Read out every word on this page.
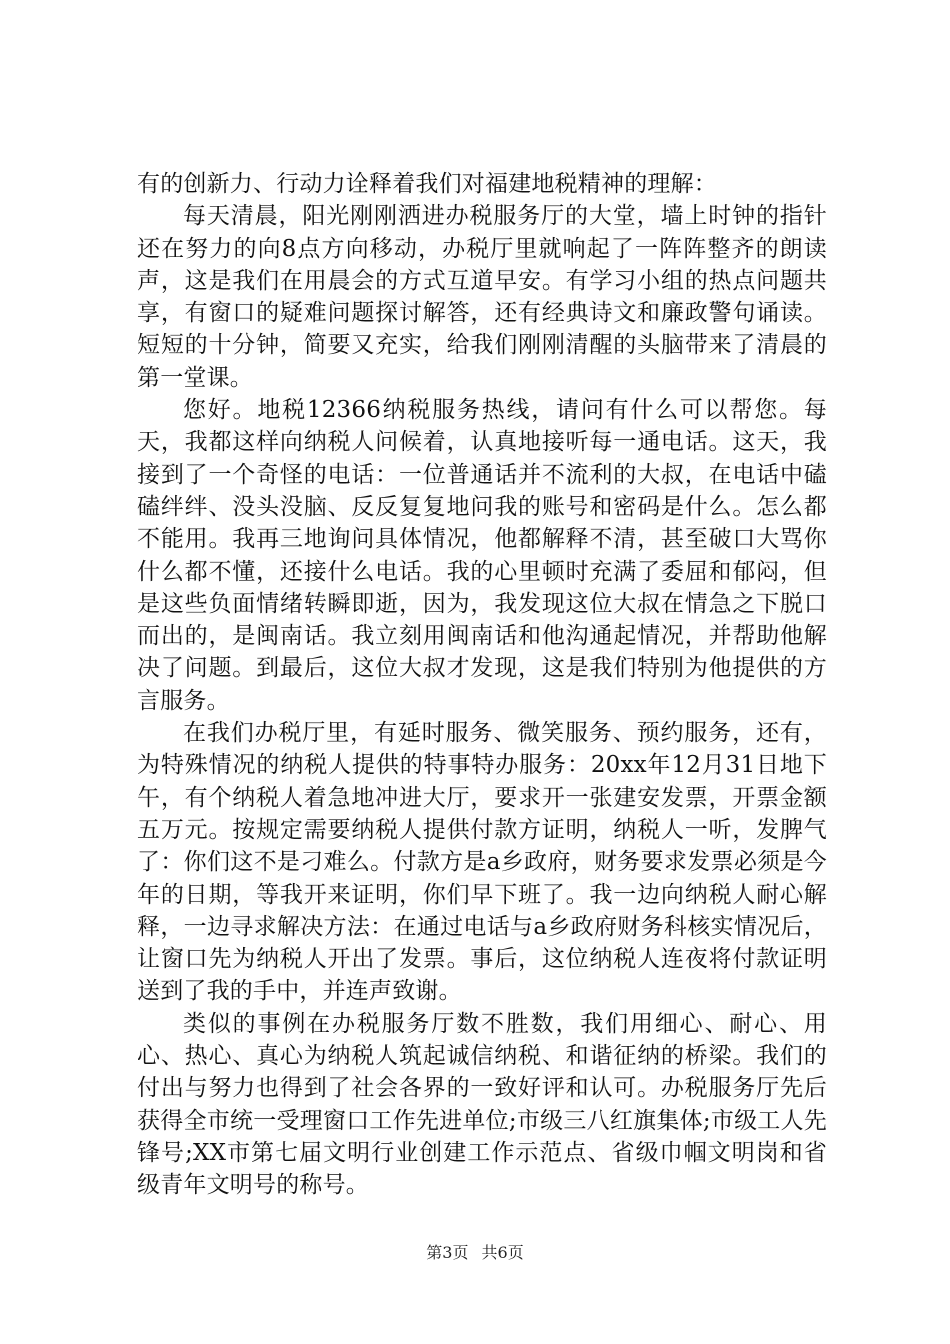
有的创新力、行动力诠释着我们对福建地税精神的理解：

每天清晨，阳光刚刚洒进办税服务厅的大堂，墙上时钟的指针还在努力的向8点方向移动，办税厅里就响起了一阵阵整齐的朗读声，这是我们在用晨会的方式互道早安。有学习小组的热点问题共享，有窗口的疑难问题探讨解答，还有经典诗文和廉政警句诵读。短短的十分钟，简要又充实，给我们刚刚清醒的头脑带来了清晨的第一堂课。

您好。地税12366纳税服务热线，请问有什么可以帮您。每天，我都这样向纳税人问候着，认真地接听每一通电话。这天，我接到了一个奇怪的电话：一位普通话并不流利的大叔，在电话中磕磕绊绊、没头没脑、反反复复地问我的账号和密码是什么。怎么都不能用。我再三地询问具体情况，他都解释不清，甚至破口大骂你什么都不懂，还接什么电话。我的心里顿时充满了委屈和郁闷，但是这些负面情绪转瞬即逝，因为，我发现这位大叔在情急之下脱口而出的，是闽南话。我立刻用闽南话和他沟通起情况，并帮助他解决了问题。到最后，这位大叔才发现，这是我们特别为他提供的方言服务。

在我们办税厅里，有延时服务、微笑服务、预约服务，还有，为特殊情况的纳税人提供的特事特办服务：20xx年12月31日地下午，有个纳税人着急地冲进大厅，要求开一张建安发票，开票金额五万元。按规定需要纳税人提供付款方证明，纳税人一听，发脾气了：你们这不是刁难么。付款方是a乡政府，财务要求发票必须是今年的日期，等我开来证明，你们早下班了。我一边向纳税人耐心解释，一边寻求解决方法：在通过电话与a乡政府财务科核实情况后，让窗口先为纳税人开出了发票。事后，这位纳税人连夜将付款证明送到了我的手中，并连声致谢。

类似的事例在办税服务厅数不胜数，我们用细心、耐心、用心、热心、真心为纳税人筑起诚信纳税、和谐征纳的桥梁。我们的付出与努力也得到了社会各界的一致好评和认可。办税服务厅先后获得全市统一受理窗口工作先进单位;市级三八红旗集体;市级工人先锋号;XX市第七届文明行业创建工作示范点、省级巾帼文明岗和省级青年文明号的称号。

第3页 共6页
